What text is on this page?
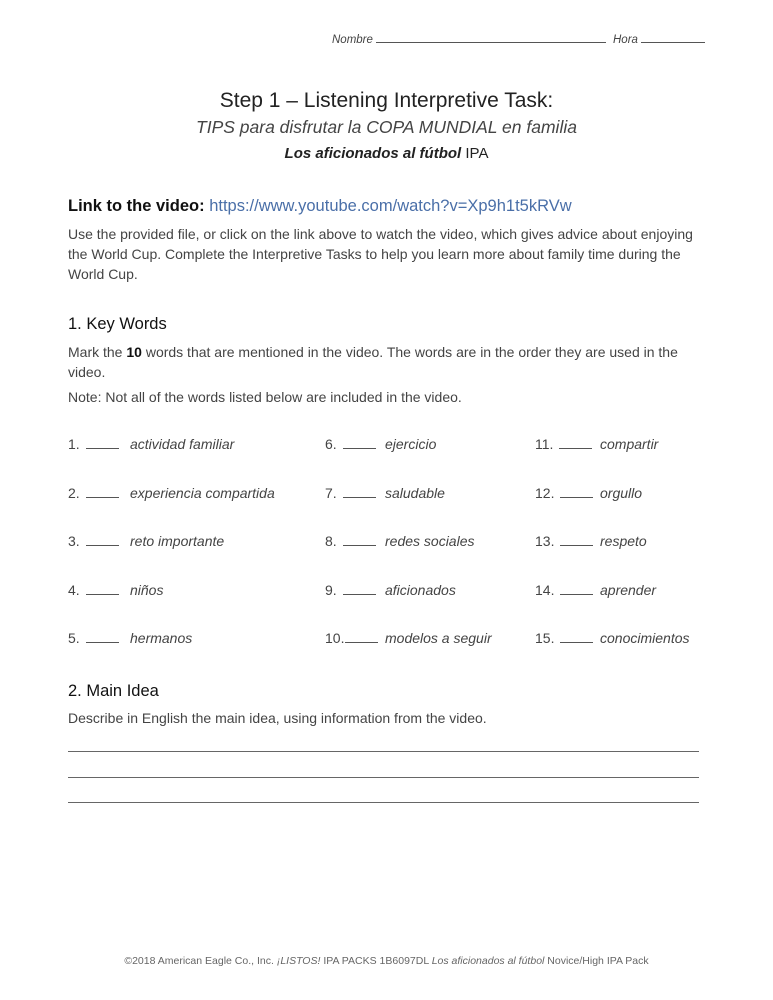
Nombre	Hora
Step 1 – Listening Interpretive Task:
TIPS para disfrutar la COPA MUNDIAL en familia
Los aficionados al fútbol IPA
Link to the video: https://www.youtube.com/watch?v=Xp9h1t5kRVw
Use the provided file, or click on the link above to watch the video, which gives advice about enjoying the World Cup. Complete the Interpretive Tasks to help you learn more about family time during the World Cup.
1. Key Words
Mark the 10 words that are mentioned in the video. The words are in the order they are used in the video.
Note: Not all of the words listed below are included in the video.
1.	actividad familiar
2.	experiencia compartida
3.	reto importante
4.	niños
5.	hermanos
6.	ejercicio
7.	saludable
8.	redes sociales
9.	aficionados
10.	modelos a seguir
11.	compartir
12.	orgullo
13.	respeto
14.	aprender
15.	conocimientos
2. Main Idea
Describe in English the main idea, using information from the video.
©2018 American Eagle Co., Inc. ¡LISTOS! IPA PACKS 1B6097DL Los aficionados al fútbol Novice/High IPA Pack
